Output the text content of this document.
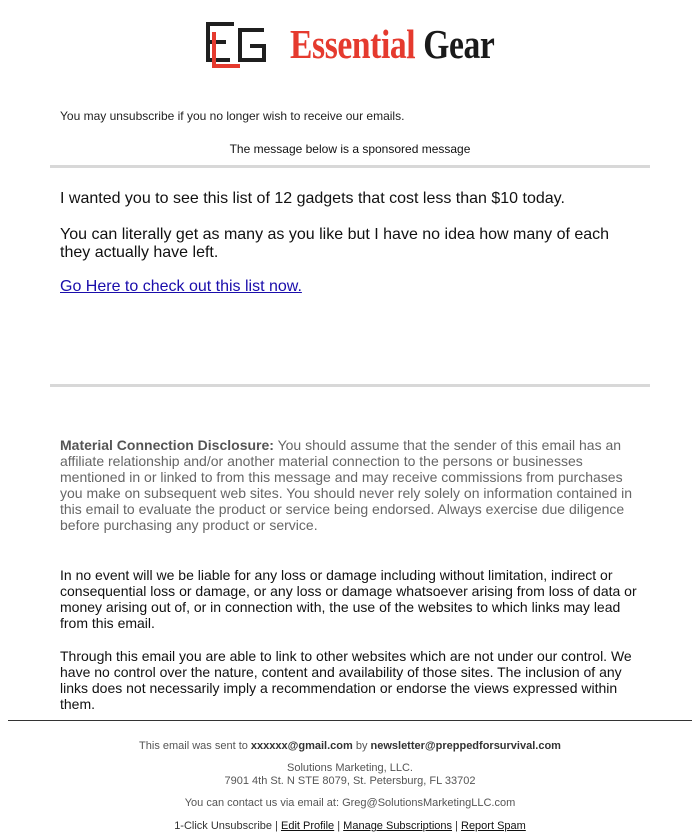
Essential Gear
You may unsubscribe if you no longer wish to receive our emails.
The message below is a sponsored message
I wanted you to see this list of 12 gadgets that cost less than $10 today.
You can literally get as many as you like but I have no idea how many of each they actually have left.
Go Here to check out this list now.
Material Connection Disclosure: You should assume that the sender of this email has an affiliate relationship and/or another material connection to the persons or businesses mentioned in or linked to from this message and may receive commissions from purchases you make on subsequent web sites. You should never rely solely on information contained in this email to evaluate the product or service being endorsed. Always exercise due diligence before purchasing any product or service.
In no event will we be liable for any loss or damage including without limitation, indirect or consequential loss or damage, or any loss or damage whatsoever arising from loss of data or money arising out of, or in connection with, the use of the websites to which links may lead from this email.
Through this email you are able to link to other websites which are not under our control. We have no control over the nature, content and availability of those sites. The inclusion of any links does not necessarily imply a recommendation or endorse the views expressed within them.
This email was sent to xxxxxx@gmail.com by newsletter@preppedforsurvival.com
Solutions Marketing, LLC.
7901 4th St. N STE 8079, St. Petersburg, FL 33702
You can contact us via email at: Greg@SolutionsMarketingLLC.com
1-Click Unsubscribe | Edit Profile | Manage Subscriptions | Report Spam
